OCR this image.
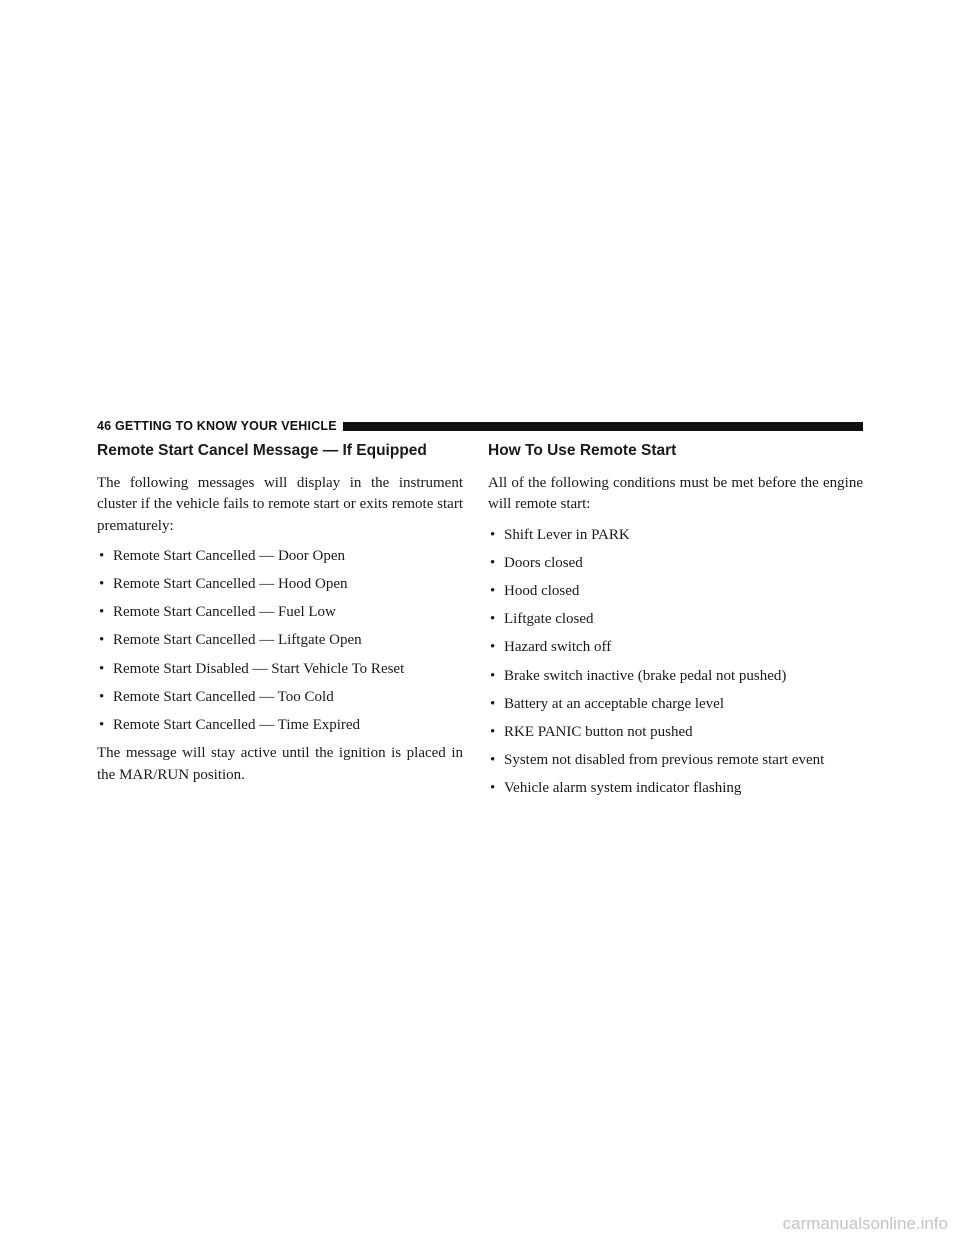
46 GETTING TO KNOW YOUR VEHICLE
Remote Start Cancel Message — If Equipped

The following messages will display in the instrument cluster if the vehicle fails to remote start or exits remote start prematurely:

• Remote Start Cancelled — Door Open
• Remote Start Cancelled — Hood Open
• Remote Start Cancelled — Fuel Low
• Remote Start Cancelled — Liftgate Open
• Remote Start Disabled — Start Vehicle To Reset
• Remote Start Cancelled — Too Cold
• Remote Start Cancelled — Time Expired

The message will stay active until the ignition is placed in the MAR/RUN position.

How To Use Remote Start

All of the following conditions must be met before the engine will remote start:

• Shift Lever in PARK
• Doors closed
• Hood closed
• Liftgate closed
• Hazard switch off
• Brake switch inactive (brake pedal not pushed)
• Battery at an acceptable charge level
• RKE PANIC button not pushed
• System not disabled from previous remote start event
• Vehicle alarm system indicator flashing
carmanualsonline.info
